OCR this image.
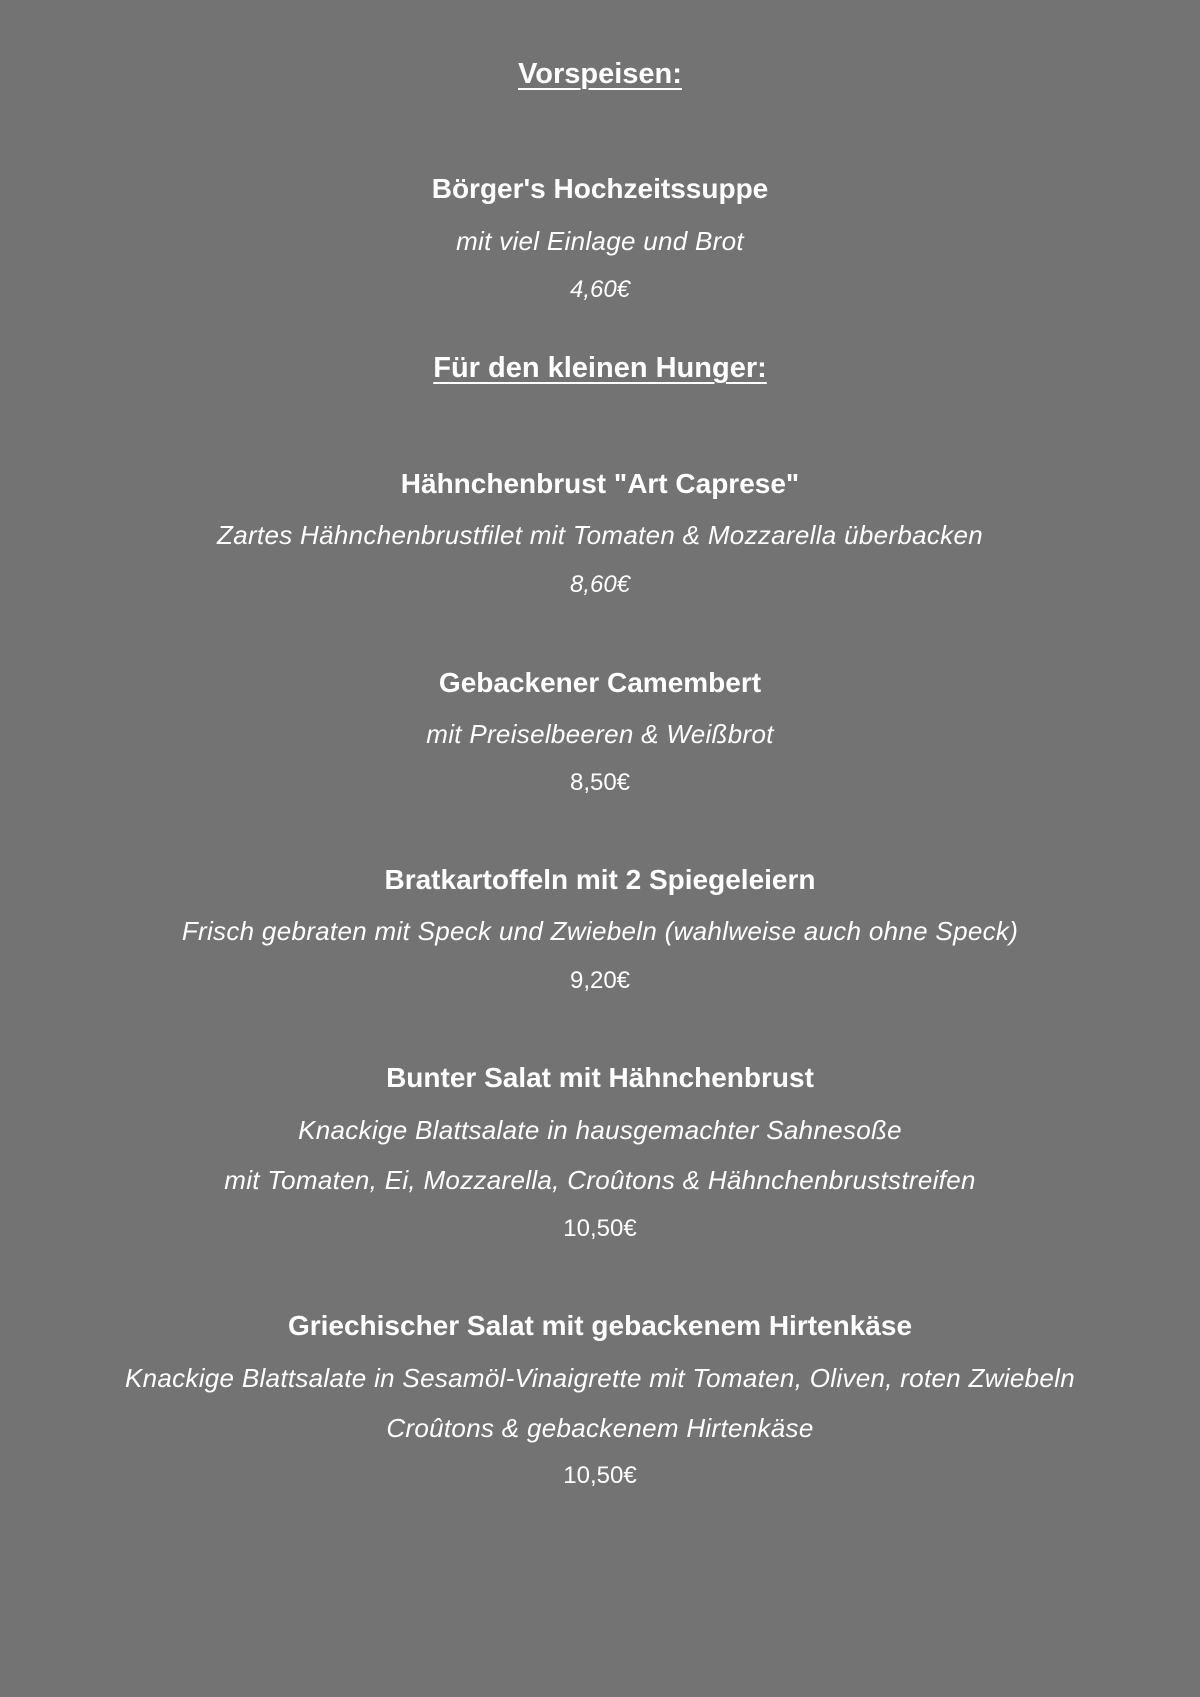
Vorspeisen:
Börger's Hochzeitssuppe
mit viel Einlage und Brot
4,60€
Für den kleinen Hunger:
Hähnchenbrust "Art Caprese"
Zartes Hähnchenbrustfilet mit Tomaten & Mozzarella überbacken
8,60€
Gebackener Camembert
mit Preiselbeeren & Weißbrot
8,50€
Bratkartoffeln mit 2 Spiegeleiern
Frisch gebraten mit Speck und Zwiebeln (wahlweise auch ohne Speck)
9,20€
Bunter Salat mit Hähnchenbrust
Knackige Blattsalate in hausgemachter Sahnesoße
mit Tomaten, Ei, Mozzarella, Croûtons & Hähnchenbruststreifen
10,50€
Griechischer Salat mit gebackenem Hirtenkäse
Knackige Blattsalate in Sesamöl-Vinaigrette mit Tomaten, Oliven, roten Zwiebeln
Croûtons & gebackenem Hirtenkäse
10,50€
